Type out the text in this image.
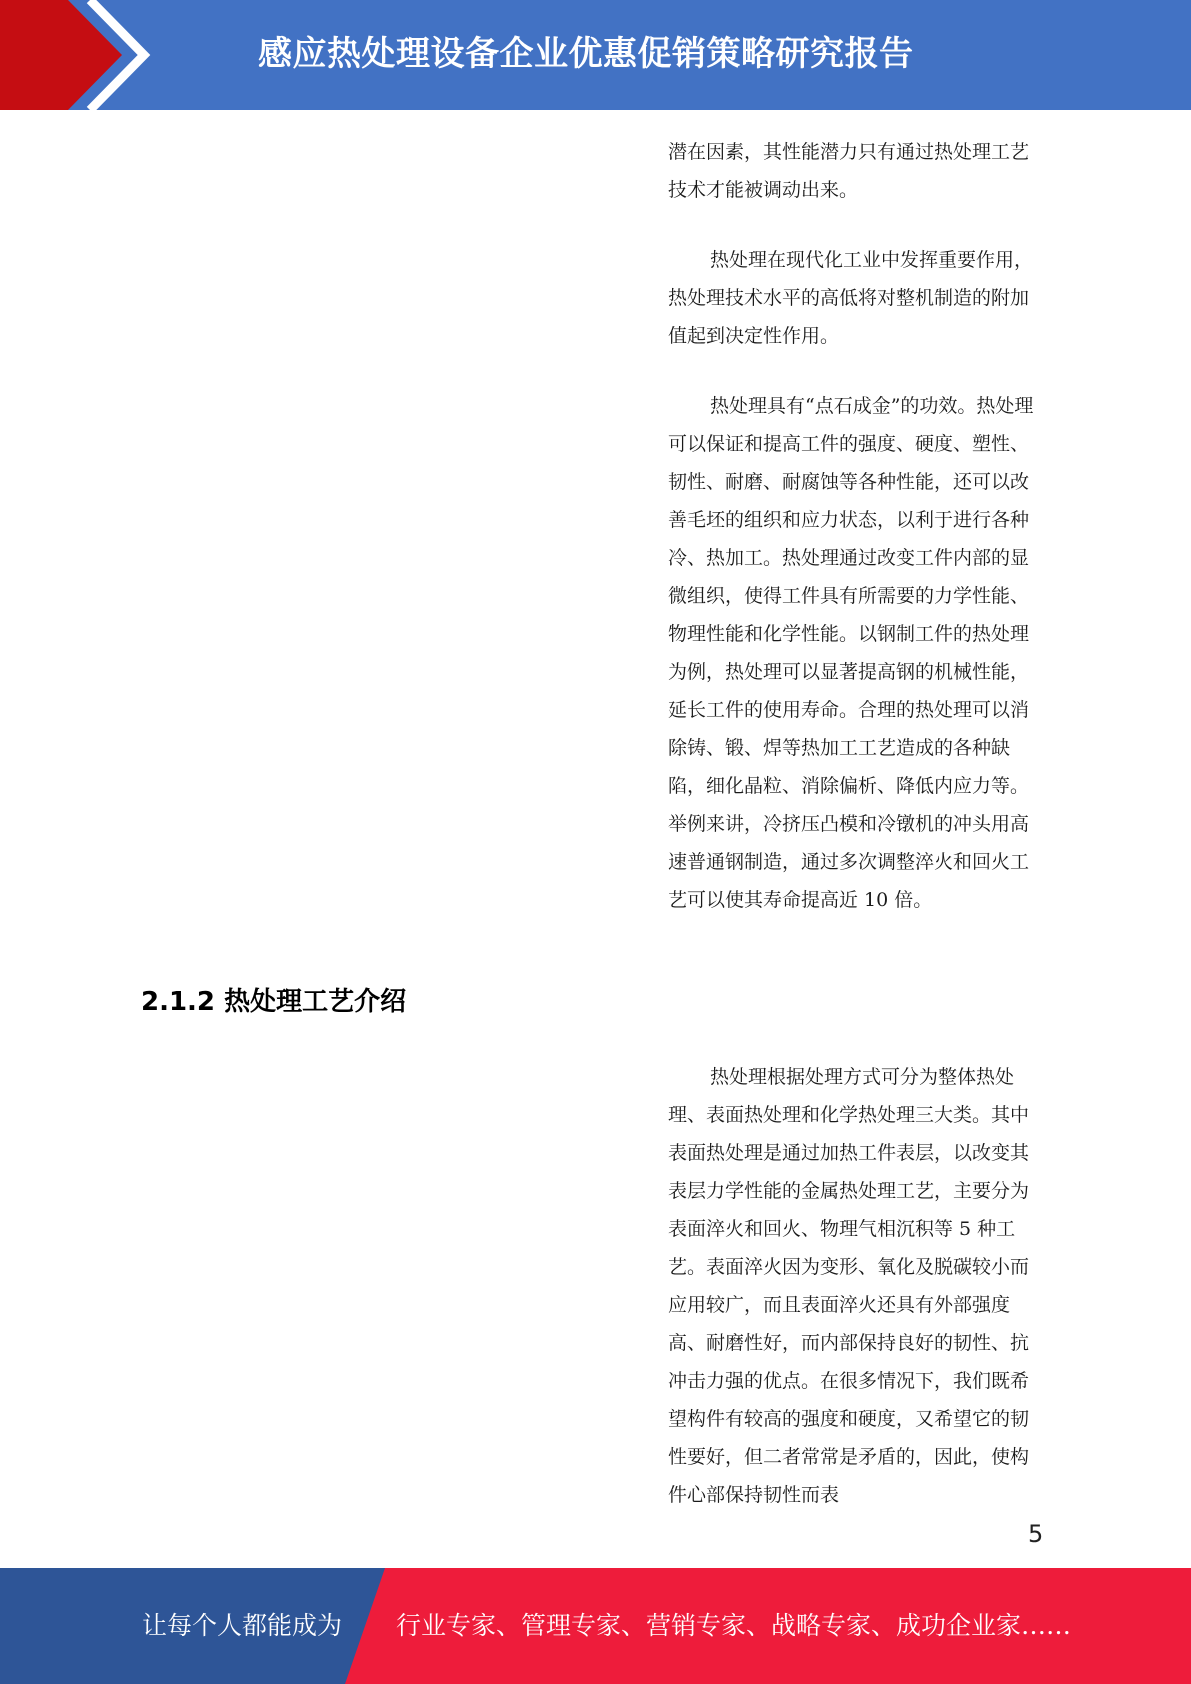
感应热处理设备企业优惠促销策略研究报告

潜在因素，其性能潜力只有通过热处理工艺技术才能被调动出来。

热处理在现代化工业中发挥重要作用，热处理技术水平的高低将对整机制造的附加值起到决定性作用。

热处理具有“点石成金”的功效。热处理可以保证和提高工件的强度、硬度、塑性、韧性、耐磨、耐腐蚀等各种性能，还可以改善毛坯的组织和应力状态，以利于进行各种冷、热加工。热处理通过改变工件内部的显微组织，使得工件具有所需要的力学性能、物理性能和化学性能。以钢制工件的热处理为例，热处理可以显著提高钢的机械性能，延长工件的使用寿命。合理的热处理可以消除铸、锻、焊等热加工工艺造成的各种缺陷，细化晶粒、消除偏析、降低内应力等。举例来讲，冷挤压凸模和冷镦机的冲头用高速普通钢制造，通过多次调整淬火和回火工艺可以使其寿命提高近 10 倍。

2.1.2 热处理工艺介绍

热处理根据处理方式可分为整体热处理、表面热处理和化学热处理三大类。其中表面热处理是通过加热工件表层，以改变其表层力学性能的金属热处理工艺，主要分为表面淬火和回火、物理气相沉积等 5 种工艺。表面淬火因为变形、氧化及脱碳较小而应用较广，而且表面淬火还具有外部强度高、耐磨性好，而内部保持良好的韧性、抗冲击力强的优点。在很多情况下，我们既希望构件有较高的强度和硬度，又希望它的韧性要好，但二者常常是矛盾的，因此，使构件心部保持韧性而表

5
让每个人都能成为 行业专家、管理专家、营销专家、战略专家、成功企业家……
